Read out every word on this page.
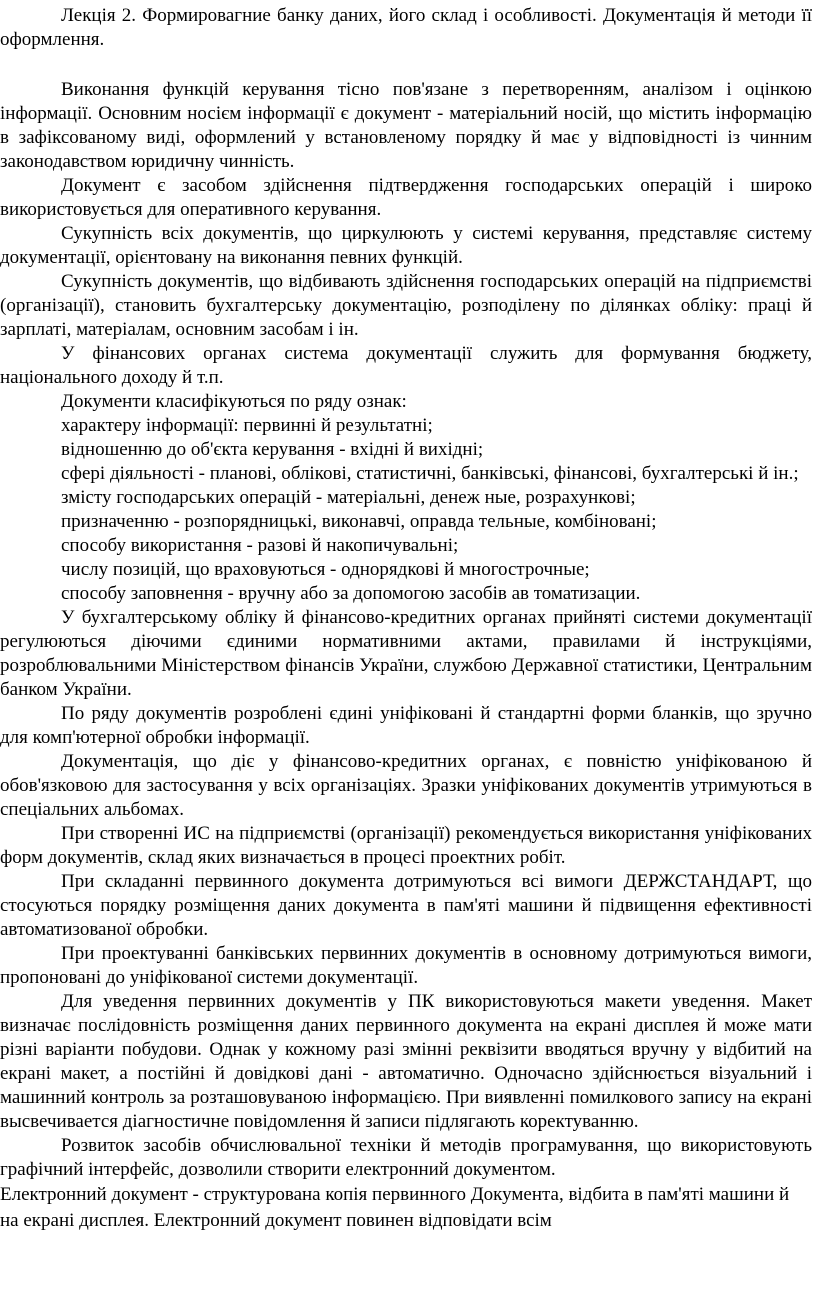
Лекція 2. Формировагние банку даних, його склад і особливості. Документація й методи її оформлення.

Виконання функцій керування тісно пов'язане з перетворенням, аналізом і оцінкою інформації. Основним носієм інформації є документ - матеріальний носій, що містить інформацію в зафіксованому виді, оформлений у встановленому порядку й має у відповідності із чинним законодавством юридичну чинність.

Документ є засобом здійснення підтвердження господарських операцій і широко використовується для оперативного керування.

Сукупність всіх документів, що циркулюють у системі керування, представляє систему документації, орієнтовану на виконання певних функцій.

Сукупність документів, що відбивають здійснення господарських операцій на підприємстві (організації), становить бухгалтерську документацію, розподілену по ділянках обліку: праці й зарплаті, матеріалам, основним засобам і ін.

У фінансових органах система документації служить для формування бюджету, національного доходу й т.п.

Документи класифікуються по ряду ознак:

характеру інформації: первинні й результатні;

відношенню до об'єкта керування - вхідні й вихідні;

сфері діяльності - планові, облікові, статистичні, банківські, фінансові, бухгалтерські й ін.;

змісту господарських операцій - матеріальні, денеж ные, розрахункові;

призначенню - розпорядницькі, виконавчі, оправда тельные, комбіновані;

способу використання - разові й накопичувальні;

числу позицій, що враховуються - однорядкові й многострочные;

способу заповнення - вручну або за допомогою засобів ав томатизации.

У бухгалтерському обліку й фінансово-кредитних органах прийняті системи документації регулюються діючими єдиними нормативними актами, правилами й інструкціями, розроблювальними Міністерством фінансів України, службою Державної статистики, Центральним банком України.

По ряду документів розроблені єдині уніфіковані й стандартні форми бланків, що зручно для комп'ютерної обробки інформації.

Документація, що діє у фінансово-кредитних органах, є повністю уніфікованою й обов'язковою для застосування у всіх організаціях. Зразки уніфікованих документів утримуються в спеціальних альбомах.

При створенні ИС на підприємстві (організації) рекомендується використання уніфікованих форм документів, склад яких визначається в процесі проектних робіт.

При складанні первинного документа дотримуються всі вимоги ДЕРЖСТАНДАРТ, що стосуються порядку розміщення даних документа в пам'яті машини й підвищення ефективності автоматизованої обробки.

При проектуванні банківських первинних документів в основному дотримуються вимоги, пропоновані до уніфікованої системи документації.

Для уведення первинних документів у ПК використовуються макети уведення. Макет визначає послідовність розміщення даних первинного документа на екрані дисплея й може мати різні варіанти побудови. Однак у кожному разі змінні реквізити вводяться вручну у відбитий на екрані макет, а постійні й довідкові дані - автоматично. Одночасно здійснюється візуальний і машинний контроль за розташовуваною інформацією. При виявленні помилкового запису на екрані высвечивается діагностичне повідомлення й записи підлягають коректуванню.

Розвиток засобів обчислювальної техніки й методів програмування, що використовують графічний інтерфейс, дозволили створити електронний документом.

Електронний документ - структурована копія первинного Документа, відбита в пам'яті машини й на екрані дисплея. Електронний документ повинен відповідати всім
